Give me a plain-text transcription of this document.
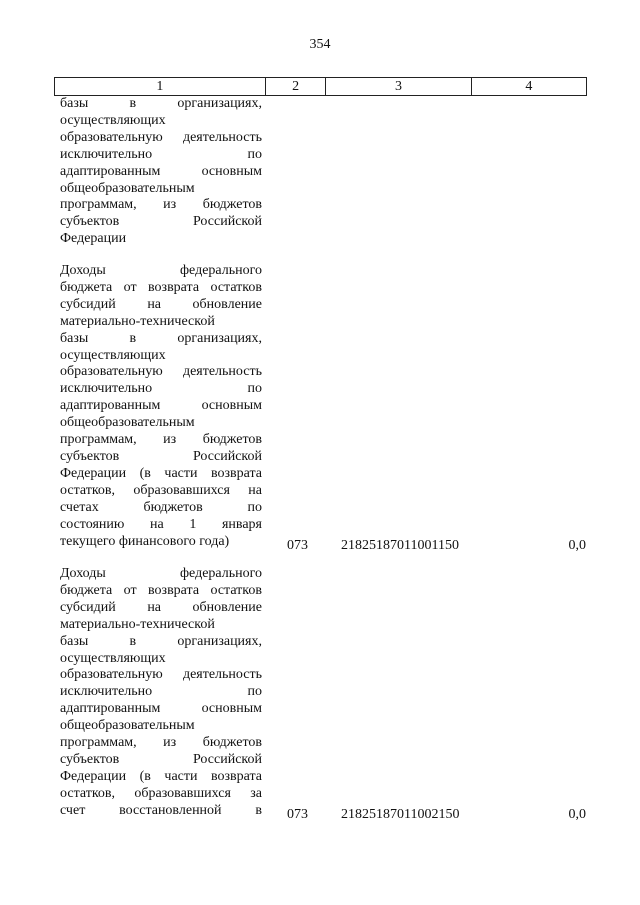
354
1	2	3	4
базы в организациях,
осуществляющих
образовательную деятельность
исключительно по
адаптированным основным
общеобразовательным
программам, из бюджетов
субъектов Российской
Федерации
Доходы федерального
бюджета от возврата остатков
субсидий на обновление
материально-технической
базы в организациях,
осуществляющих
образовательную деятельность
исключительно по
адаптированным основным
общеобразовательным
программам, из бюджетов
субъектов Российской
Федерации (в части возврата
остатков, образовавшихся на
счетах бюджетов по
состоянию на 1 января
текущего финансового года)	073 21825187011001150	0,0
Доходы федерального
бюджета от возврата остатков
субсидий на обновление
материально-технической
базы в организациях,
осуществляющих
образовательную деятельность
исключительно по
адаптированным основным
общеобразовательным
программам, из бюджетов
субъектов Российской
Федерации (в части возврата
остатков, образовавшихся за
счет восстановленной в 073 21825187011002150	0,0
